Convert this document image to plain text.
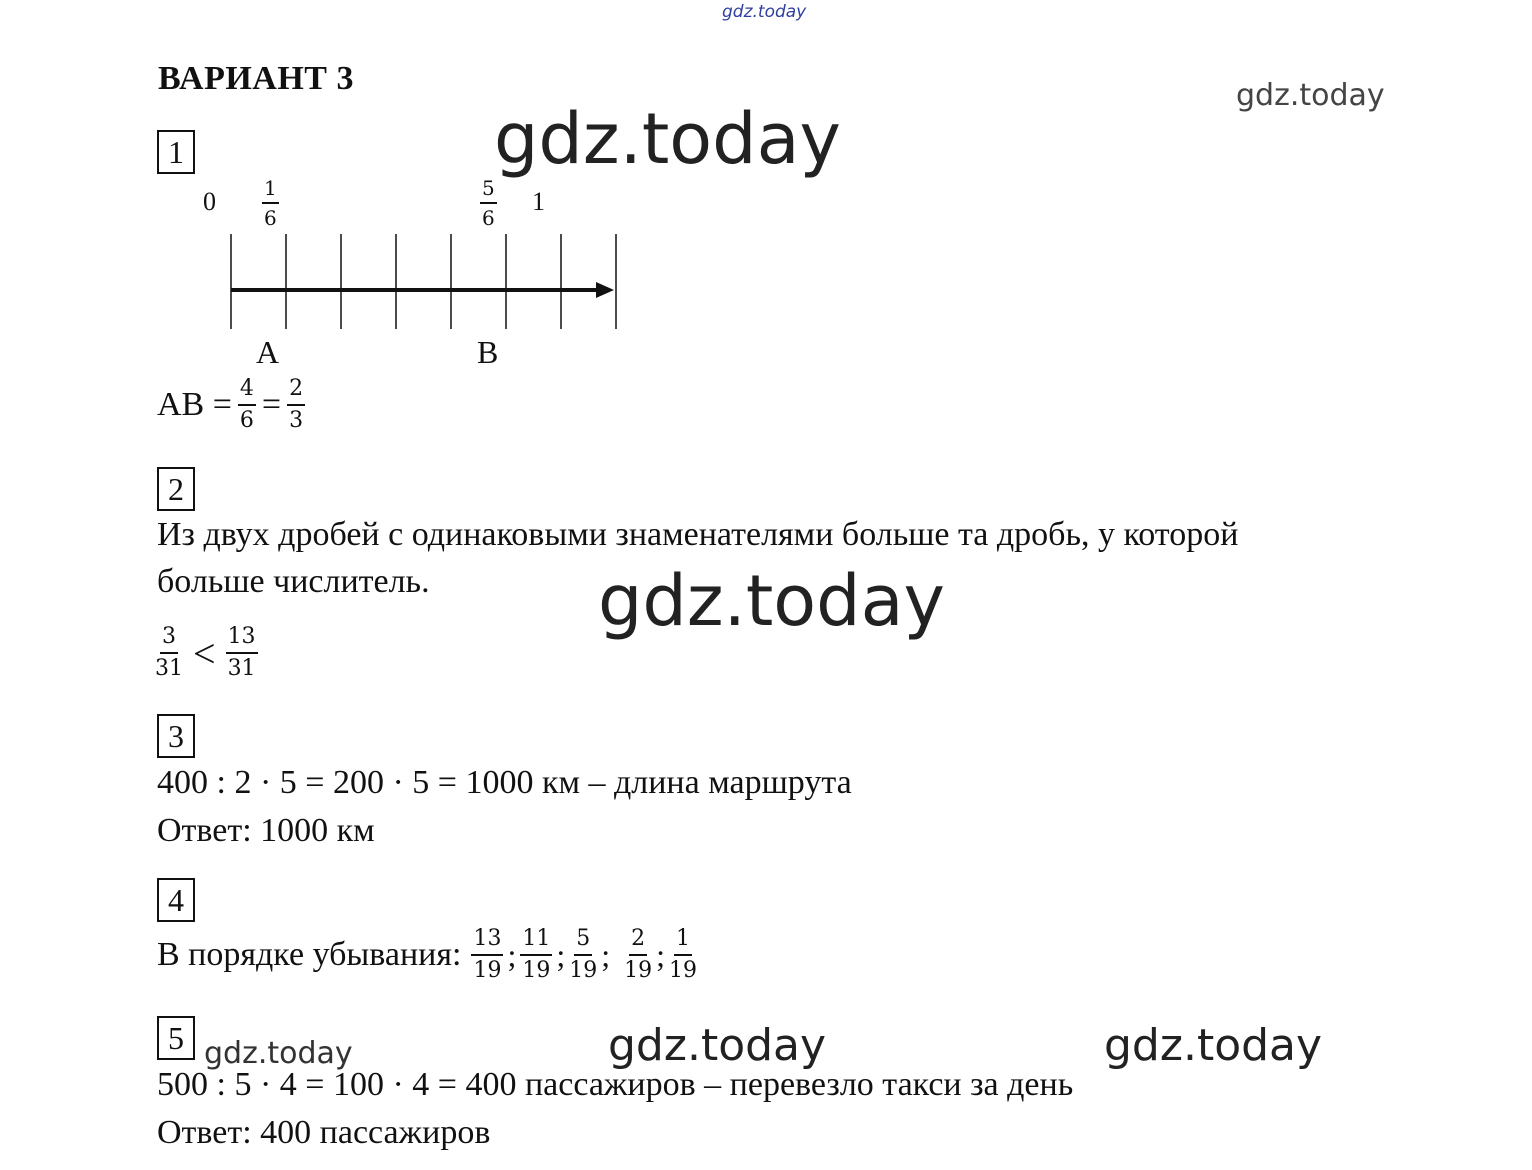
gdz.today
gdz.today
gdz.today
gdz.today
gdz.today	gdz.today
gdz.today
ВАРИАНТ 3
1
$0 \frac{1}{6}$	$\frac{5}{6} 1$
A	B
AB = $\frac{4}{6} = \frac{2}{3}$
2
Из двух дробей с одинаковыми знаменателями больше та дробь, у которой
больше числитель.
$\frac{3}{31} < \frac{13}{31}$
3
400 : 2 · 5 = 200 · 5 = 1000 км – длина маршрута
Ответ: 1000 км
4
В порядке убывания: $\frac{13}{19}$ ; $\frac{11}{19}$ ; $\frac{5}{19}$ ; $\frac{2}{19}$ ; $\frac{1}{19}$
5
500 : 5 · 4 = 100 · 4 = 400 пассажиров – перевезло такси за день
Ответ: 400 пассажиров
